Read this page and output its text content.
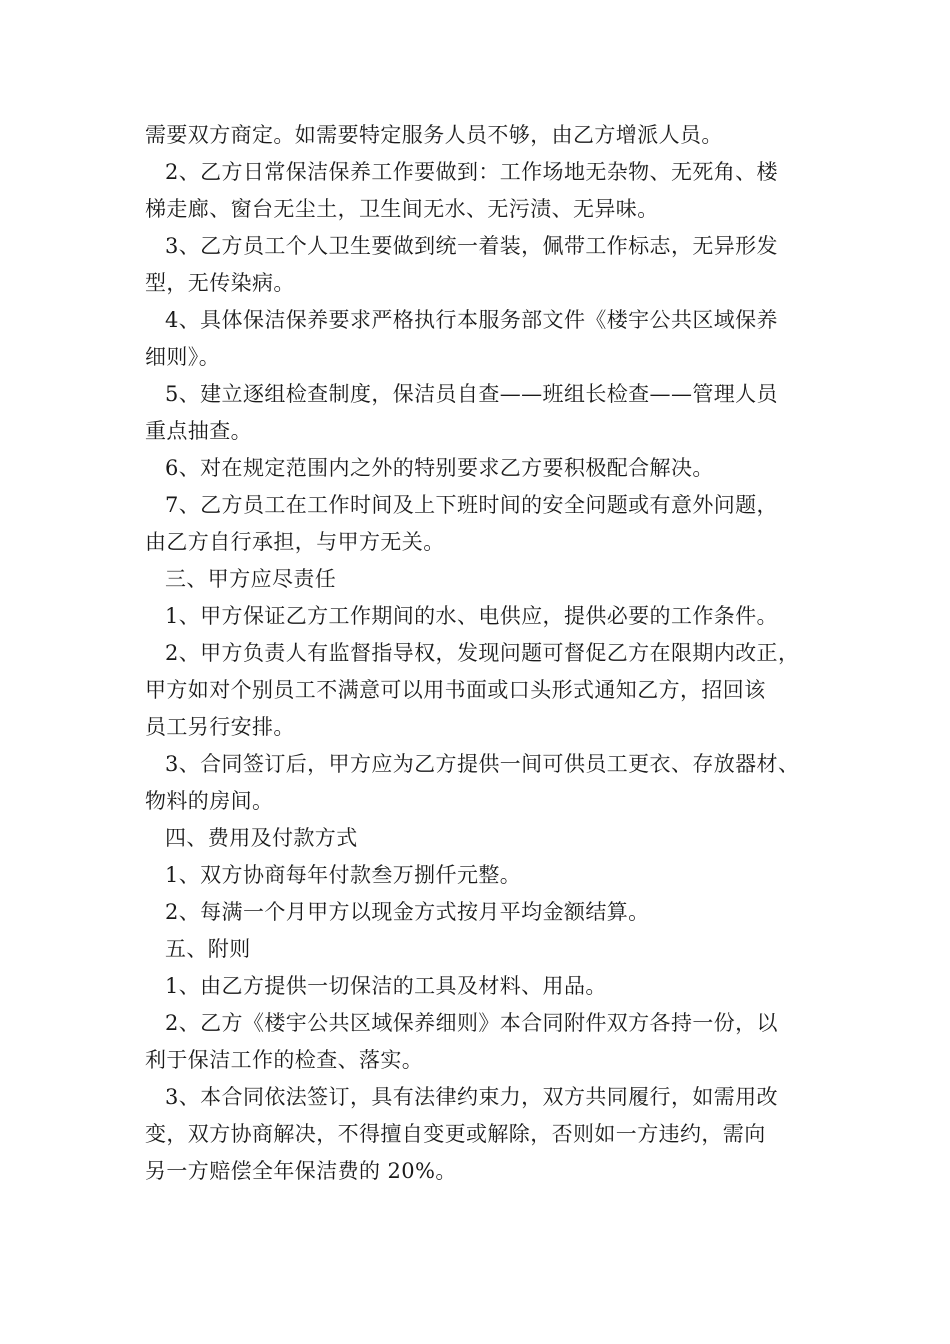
需要双方商定。如需要特定服务人员不够，由乙方增派人员。
2、乙方日常保洁保养工作要做到：工作场地无杂物、无死角、楼
梯走廊、窗台无尘土，卫生间无水、无污渍、无异味。
3、乙方员工个人卫生要做到统一着装，佩带工作标志，无异形发
型，无传染病。
4、具体保洁保养要求严格执行本服务部文件《楼宇公共区域保养
细则》。
5、建立逐组检查制度，保洁员自查——班组长检查——管理人员
重点抽查。
6、对在规定范围内之外的特别要求乙方要积极配合解决。
7、乙方员工在工作时间及上下班时间的安全问题或有意外问题，
由乙方自行承担，与甲方无关。
三、甲方应尽责任
1、甲方保证乙方工作期间的水、电供应，提供必要的工作条件。
2、甲方负责人有监督指导权，发现问题可督促乙方在限期内改正，
甲方如对个别员工不满意可以用书面或口头形式通知乙方，招回该
员工另行安排。
3、合同签订后，甲方应为乙方提供一间可供员工更衣、存放器材、
物料的房间。
四、费用及付款方式
1、双方协商每年付款叁万捌仟元整。
2、每满一个月甲方以现金方式按月平均金额结算。
五、附则
1、由乙方提供一切保洁的工具及材料、用品。
2、乙方《楼宇公共区域保养细则》本合同附件双方各持一份，以
利于保洁工作的检查、落实。
3、本合同依法签订，具有法律约束力，双方共同履行，如需用改
变，双方协商解决，不得擅自变更或解除，否则如一方违约，需向
另一方赔偿全年保洁费的 20%。
